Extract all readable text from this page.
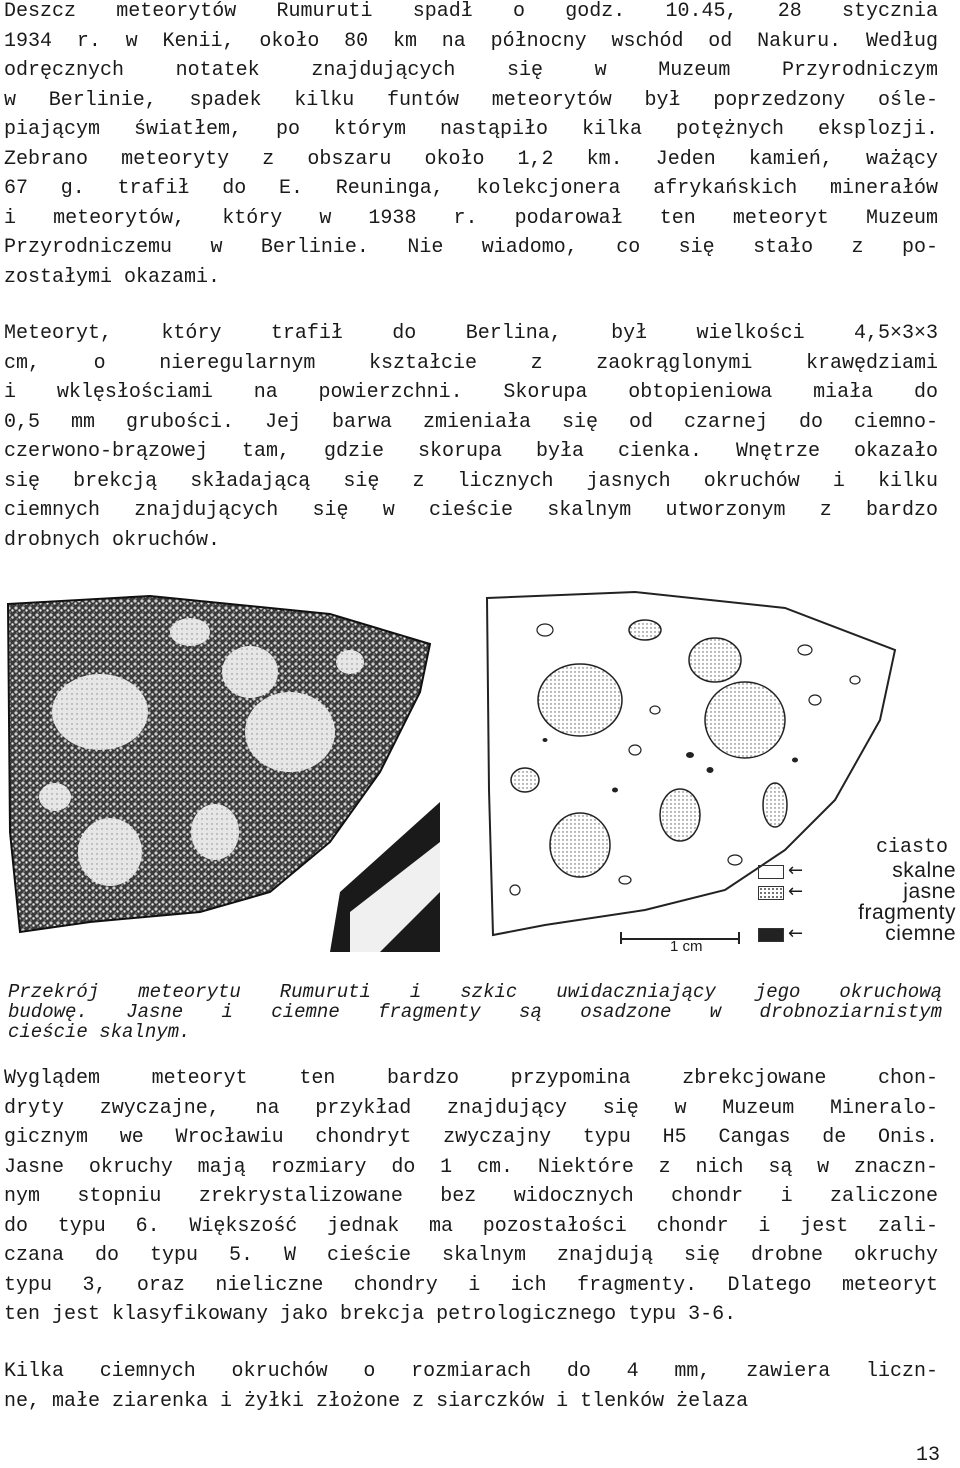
Deszcz meteorytów Rumuruti spadł o godz. 10.45, 28 stycznia
1934 r. w Kenii, około 80 km na północny wschód od Nakuru. Według
odręcznych notatek znajdujących się w Muzeum Przyrodniczym
w Berlinie, spadek kilku funtów meteorytów był poprzedzony ośle-
piającym światłem, po którym nastąpiło kilka potężnych eksplozji.
Zebrano meteoryty z obszaru około 1,2 km. Jeden kamień, ważący
67 g. trafił do E. Reuninga, kolekcjonera afrykańskich minerałów
i meteorytów, który w 1938 r. podarował ten meteoryt Muzeum
Przyrodniczemu w Berlinie. Nie wiadomo, co się stało z po-
zostałymi okazami.
Meteoryt, który trafił do Berlina, był wielkości 4,5×3×3
cm, o nieregularnym kształcie z zaokrąglonymi krawędziami
i wklęsłościami na powierzchni. Skorupa obtopieniowa miała do
0,5 mm grubości. Jej barwa zmieniała się od czarnej do ciemno-
czerwono-brązowej tam, gdzie skorupa była cienka. Wnętrze okazało
się brekcją składającą się z licznych jasnych okruchów i kilku
ciemnych znajdujących się w cieście skalnym utworzonym z bardzo
drobnych okruchów.
ciasto
←	skalne
←	jasne
fragmenty
←	ciemne
1 cm
Przekrój meteorytu Rumuruti i szkic uwidaczniający jego okruchową
budowę. Jasne i ciemne fragmenty są osadzone w drobnoziarnistym
cieście skalnym.
Wyglądem meteoryt ten bardzo przypomina zbrekcjowane chon-
dryty zwyczajne, na przykład znajdujący się w Muzeum Mineralo-
gicznym we Wrocławiu chondryt zwyczajny typu H5 Cangas de Onis.
Jasne okruchy mają rozmiary do 1 cm. Niektóre z nich są w znaczn-
nym stopniu zrekrystalizowane bez widocznych chondr i zaliczone
do typu 6. Większość jednak ma pozostałości chondr i jest zali-
czana do typu 5. W cieście skalnym znajdują się drobne okruchy
typu 3, oraz nieliczne chondry i ich fragmenty. Dlatego meteoryt
ten jest klasyfikowany jako brekcja petrologicznego typu 3-6.
Kilka ciemnych okruchów o rozmiarach do 4 mm, zawiera liczn-
ne, małe ziarenka i żyłki złożone z siarczków i tlenków żelaza
13
